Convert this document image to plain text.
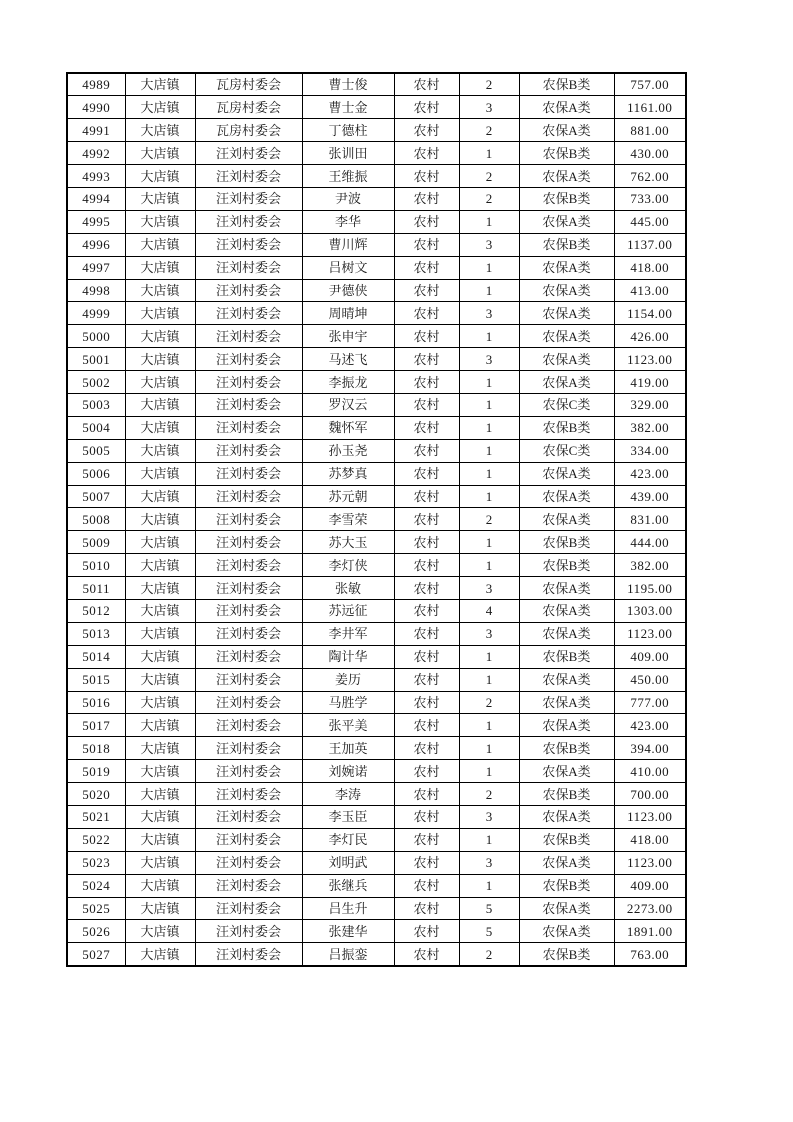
4989	大店镇	瓦房村委会	曹士俊	农村	2	农保B类	757.00
4990	大店镇	瓦房村委会	曹士金	农村	3	农保A类	1161.00
4991	大店镇	瓦房村委会	丁德柱	农村	2	农保A类	881.00
4992	大店镇	汪刘村委会	张训田	农村	1	农保B类	430.00
4993	大店镇	汪刘村委会	王维振	农村	2	农保A类	762.00
4994	大店镇	汪刘村委会	尹波	农村	2	农保B类	733.00
4995	大店镇	汪刘村委会	李华	农村	1	农保A类	445.00
4996	大店镇	汪刘村委会	曹川辉	农村	3	农保B类	1137.00
4997	大店镇	汪刘村委会	吕树文	农村	1	农保A类	418.00
4998	大店镇	汪刘村委会	尹德侠	农村	1	农保A类	413.00
4999	大店镇	汪刘村委会	周晴坤	农村	3	农保A类	1154.00
5000	大店镇	汪刘村委会	张申宇	农村	1	农保A类	426.00
5001	大店镇	汪刘村委会	马述飞	农村	3	农保A类	1123.00
5002	大店镇	汪刘村委会	李振龙	农村	1	农保A类	419.00
5003	大店镇	汪刘村委会	罗汉云	农村	1	农保C类	329.00
5004	大店镇	汪刘村委会	魏怀军	农村	1	农保B类	382.00
5005	大店镇	汪刘村委会	孙玉尧	农村	1	农保C类	334.00
5006	大店镇	汪刘村委会	苏梦真	农村	1	农保A类	423.00
5007	大店镇	汪刘村委会	苏元朝	农村	1	农保A类	439.00
5008	大店镇	汪刘村委会	李雪荣	农村	2	农保A类	831.00
5009	大店镇	汪刘村委会	苏大玉	农村	1	农保B类	444.00
5010	大店镇	汪刘村委会	李灯侠	农村	1	农保B类	382.00
5011	大店镇	汪刘村委会	张敏	农村	3	农保A类	1195.00
5012	大店镇	汪刘村委会	苏远征	农村	4	农保A类	1303.00
5013	大店镇	汪刘村委会	李井军	农村	3	农保A类	1123.00
5014	大店镇	汪刘村委会	陶计华	农村	1	农保B类	409.00
5015	大店镇	汪刘村委会	姜历	农村	1	农保A类	450.00
5016	大店镇	汪刘村委会	马胜学	农村	2	农保A类	777.00
5017	大店镇	汪刘村委会	张平美	农村	1	农保A类	423.00
5018	大店镇	汪刘村委会	王加英	农村	1	农保B类	394.00
5019	大店镇	汪刘村委会	刘婉诺	农村	1	农保A类	410.00
5020	大店镇	汪刘村委会	李涛	农村	2	农保B类	700.00
5021	大店镇	汪刘村委会	李玉臣	农村	3	农保A类	1123.00
5022	大店镇	汪刘村委会	李灯民	农村	1	农保B类	418.00
5023	大店镇	汪刘村委会	刘明武	农村	3	农保A类	1123.00
5024	大店镇	汪刘村委会	张继兵	农村	1	农保B类	409.00
5025	大店镇	汪刘村委会	吕生升	农村	5	农保A类	2273.00
5026	大店镇	汪刘村委会	张建华	农村	5	农保A类	1891.00
5027	大店镇	汪刘村委会	吕振銮	农村	2	农保B类	763.00
